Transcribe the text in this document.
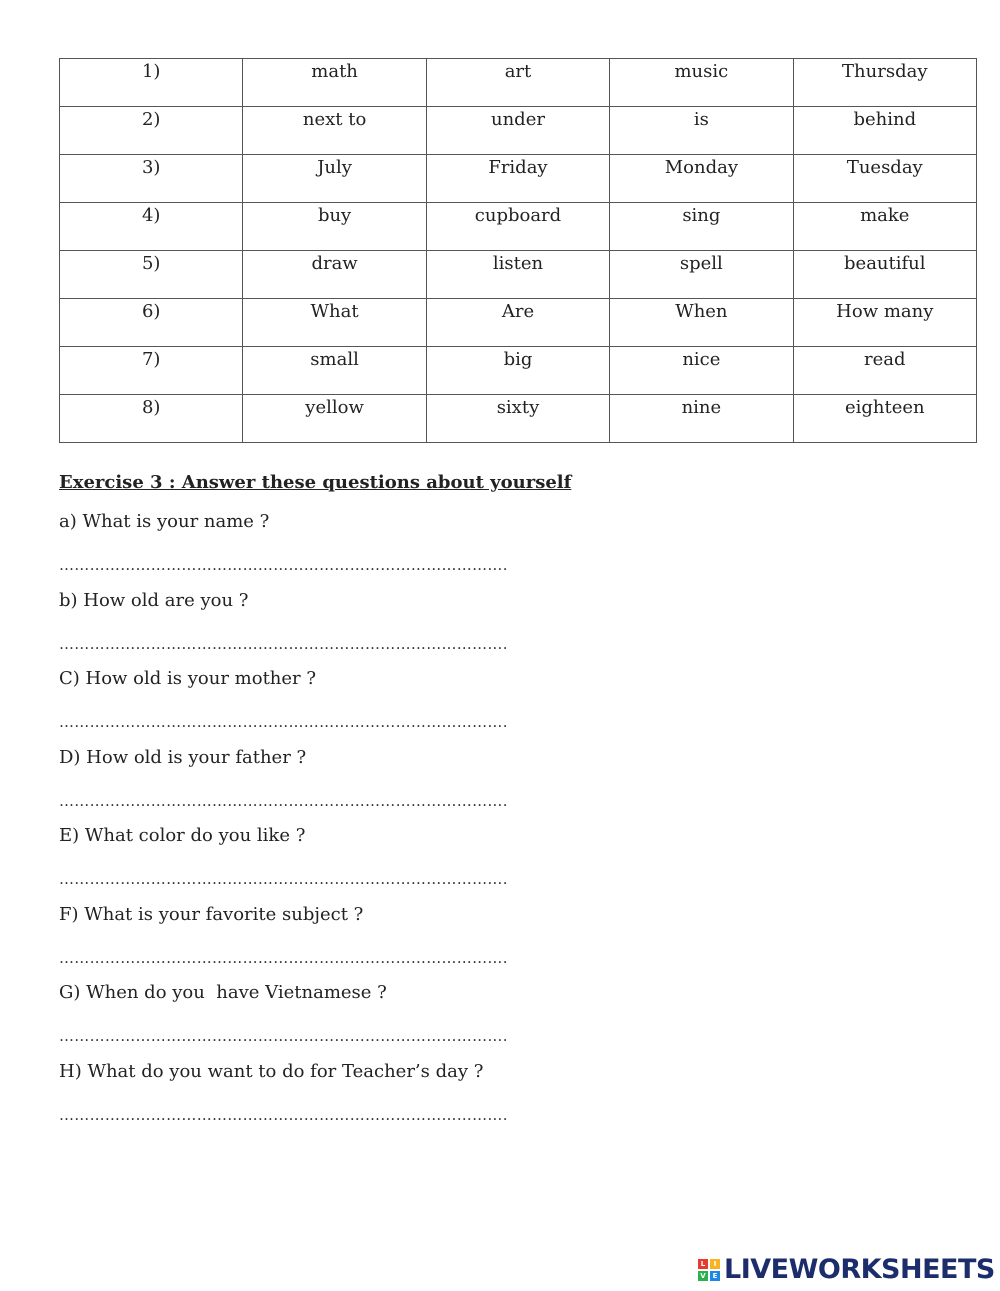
1)	math	art	music	Thursday
2)	next to	under	is	behind
3)	July	Friday	Monday	Tuesday
4)	buy	cupboard	sing	make
5)	draw	listen	spell	beautiful
6)	What	Are	When	How many
7)	small	big	nice	read
8)	yellow	sixty	nine	eighteen
Exercise 3 : Answer these questions about yourself
a) What is your name ?
…………………………………………………………………………….
b) How old are you ?
…………………………………………………………………………….
C) How old is your mother ?
…………………………………………………………………………….
D) How old is your father ?
…………………………………………………………………………….
E) What color do you like ?
…………………………………………………………………………….
F) What is your favorite subject ?
…………………………………………………………………………….
G) When do you  have Vietnamese ?
…………………………………………………………………………….
H) What do you want to do for Teacher’s day ?
…………………………………………………………………………….
L	I
V E LIVEWORKSHEETS
